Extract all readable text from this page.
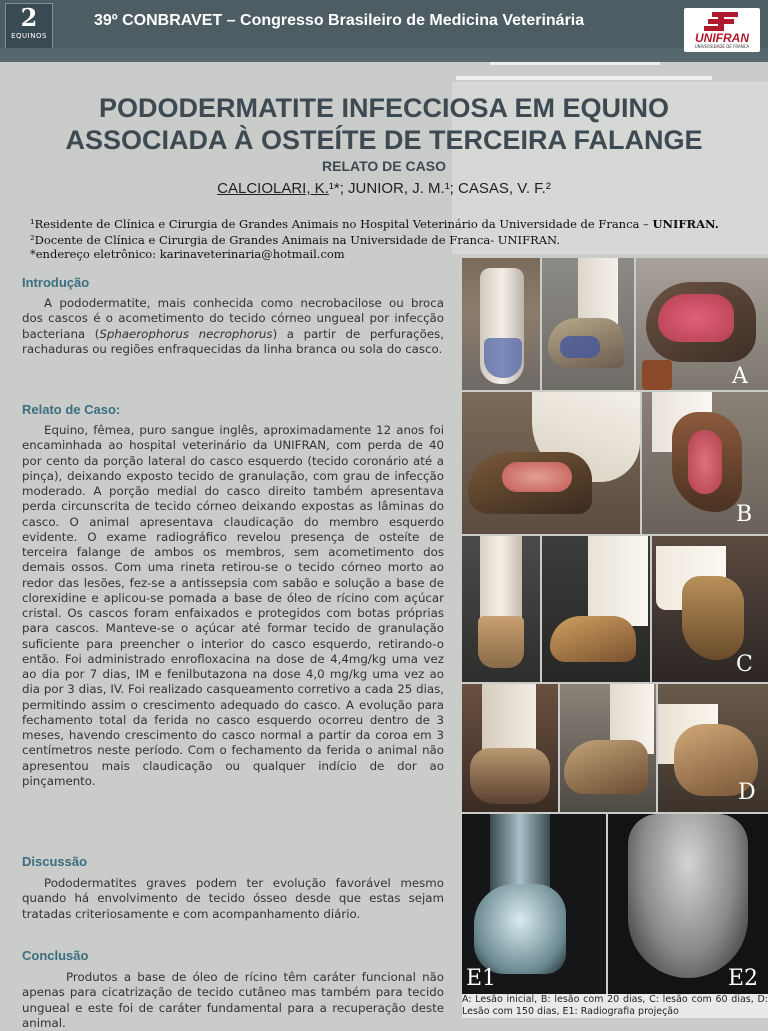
2
EQUINOS
39º CONBRAVET – Congresso Brasileiro de Medicina Veterinária
UNIFRAN
UNIVERSIDADE DE FRANCA
PODODERMATITE INFECCIOSA EM EQUINO
ASSOCIADA À OSTEÍTE DE TERCEIRA FALANGE
RELATO DE CASO
CALCIOLARI, K.¹*; JUNIOR, J. M.¹; CASAS, V. F.²
¹Residente de Clínica e Cirurgia de Grandes Animais no Hospital Veterinário da Universidade de Franca – UNIFRAN.
²Docente de Clínica e Cirurgia de Grandes Animais na Universidade de Franca- UNIFRAN.
*endereço eletrônico: karinaveterinaria@hotmail.com
Introdução

A pododermatite, mais conhecida como necrobacilose ou broca dos cascos é o acometimento do tecido córneo ungueal por infecção bacteriana (Sphaerophorus necrophorus) a partir de perfurações, rachaduras ou regiões enfraquecidas da linha branca ou sola do casco.

Relato de Caso:

Equino, fêmea, puro sangue inglês, aproximadamente 12 anos foi encaminhada ao hospital veterinário da UNIFRAN, com perda de 40 por cento da porção lateral do casco esquerdo (tecido coronário até a pinça), deixando exposto tecido de granulação, com grau de infecção moderado. A porção medial do casco direito também apresentava perda circunscrita de tecido córneo deixando expostas as lâminas do casco. O animal apresentava claudicação do membro esquerdo evidente. O exame radiográfico revelou presença de osteíte de terceira falange de ambos os membros, sem acometimento dos demais ossos. Com uma rineta retirou-se o tecido córneo morto ao redor das lesões, fez-se a antissepsia com sabão e solução a base de clorexidine e aplicou-se pomada a base de óleo de rícino com açúcar cristal. Os cascos foram enfaixados e protegidos com botas próprias para cascos. Manteve-se o açúcar até formar tecido de granulação suficiente para preencher o interior do casco esquerdo, retirando-o então. Foi administrado enrofloxacina na dose de 4,4mg/kg uma vez ao dia por 7 dias, IM e fenilbutazona na dose 4,0 mg/kg uma vez ao dia por 3 dias, IV. Foi realizado casqueamento corretivo a cada 25 dias, permitindo assim o crescimento adequado do casco. A evolução para fechamento total da ferida no casco esquerdo ocorreu dentro de 3 meses, havendo crescimento do casco normal a partir da coroa em 3 centímetros neste período. Com o fechamento da ferida o animal não apresentou mais claudicação ou qualquer indício de dor ao pinçamento.

Discussão

Pododermatites graves podem ter evolução favorável mesmo quando há envolvimento de tecido ósseo desde que estas sejam tratadas criteriosamente e com acompanhamento diário.

Conclusão

Produtos a base de óleo de rícino têm caráter funcional não apenas para cicatrização de tecido cutâneo mas também para tecido ungueal e este foi de caráter fundamental para a recuperação deste animal.

A
B
C
D
E1	E2

A: Lesão inicial, B: lesão com 20 dias, C: lesão com 60 dias, D: Lesão com 150 dias, E1: Radiografia projeção
